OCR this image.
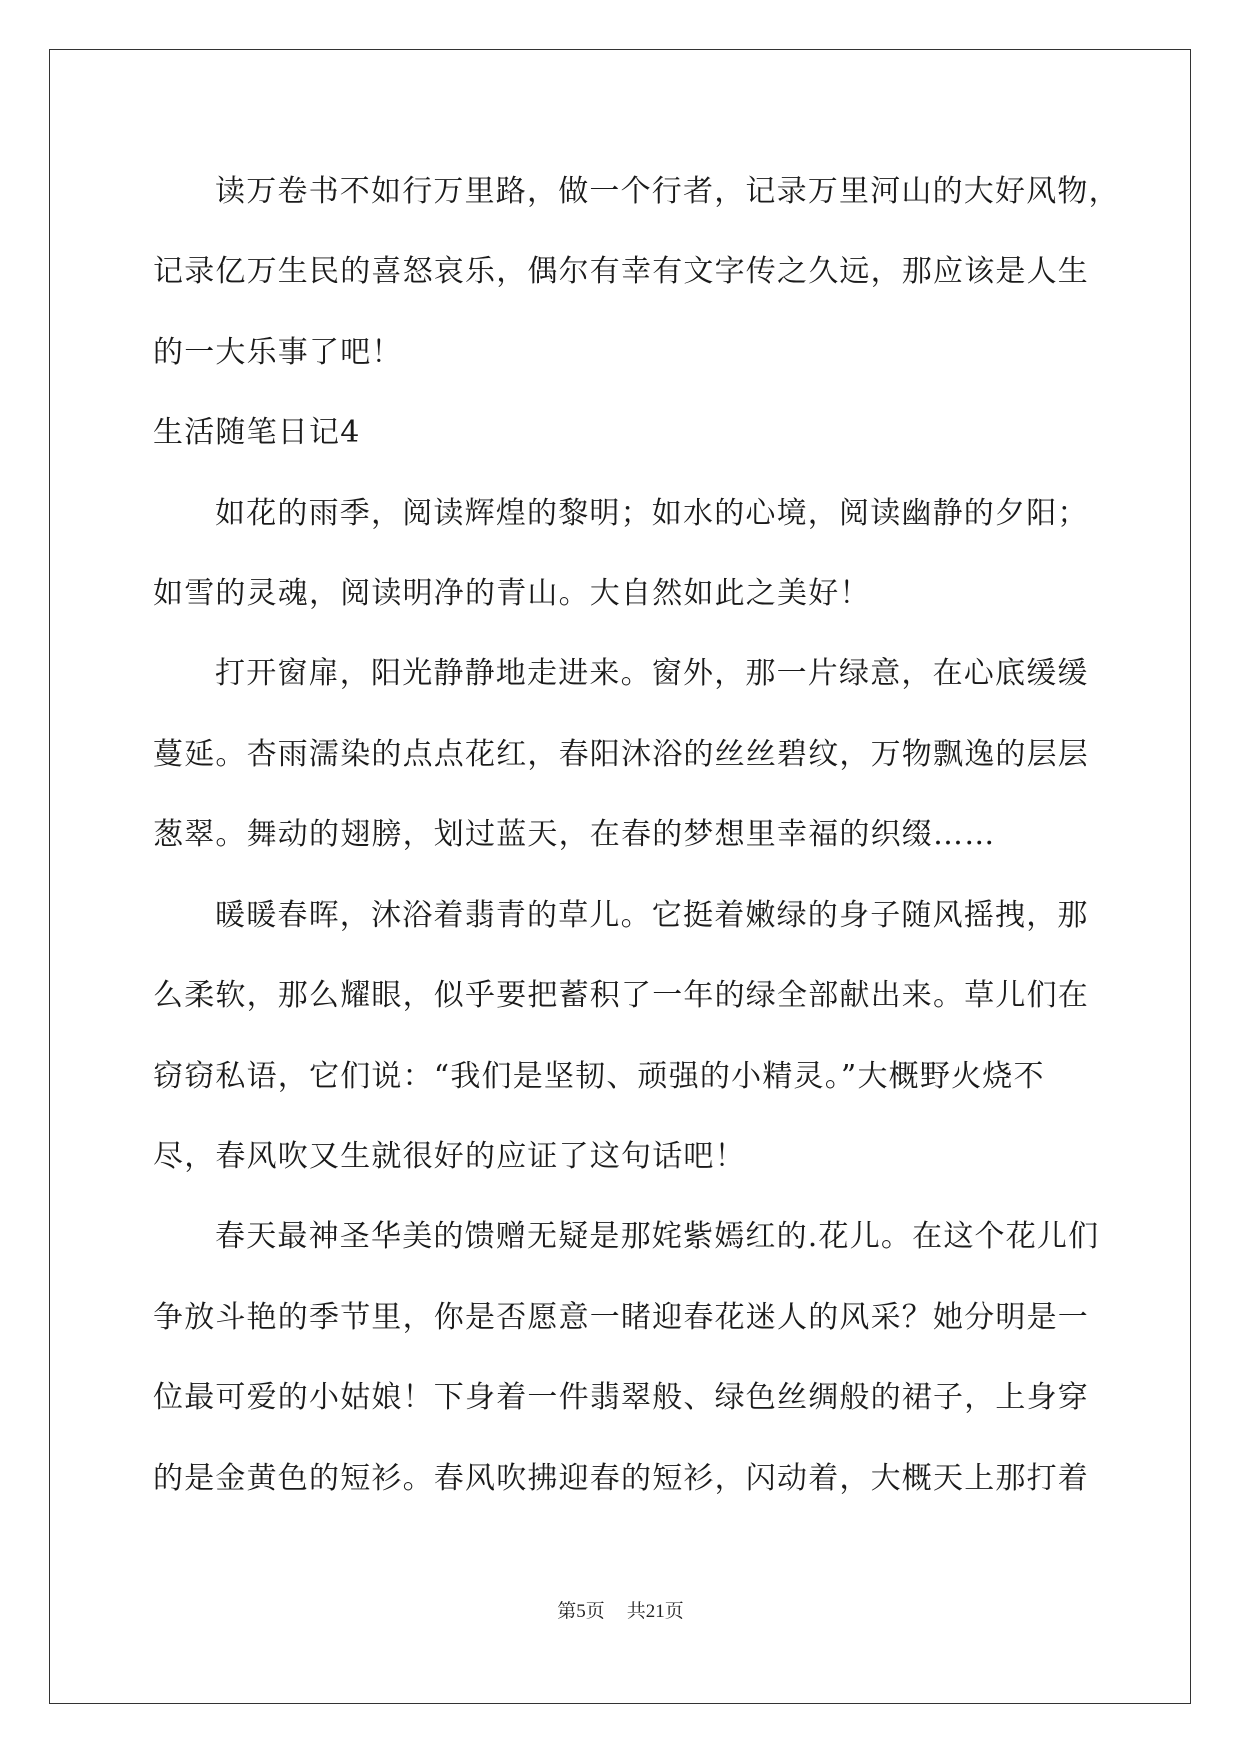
读万卷书不如行万里路，做一个行者，记录万里河山的大好风物，
记录亿万生民的喜怒哀乐，偶尔有幸有文字传之久远，那应该是人生
的一大乐事了吧！
生活随笔日记4
如花的雨季，阅读辉煌的黎明；如水的心境，阅读幽静的夕阳；
如雪的灵魂，阅读明净的青山。大自然如此之美好！
打开窗扉，阳光静静地走进来。窗外，那一片绿意，在心底缓缓
蔓延。杏雨濡染的点点花红，春阳沐浴的丝丝碧纹，万物飘逸的层层
葱翠。舞动的翅膀，划过蓝天，在春的梦想里幸福的织缀……
暖暖春晖，沐浴着翡青的草儿。它挺着嫩绿的身子随风摇拽，那
么柔软，那么耀眼，似乎要把蓄积了一年的绿全部献出来。草儿们在
窃窃私语，它们说：“我们是坚韧、顽强的小精灵。”大概野火烧不
尽，春风吹又生就很好的应证了这句话吧！
春天最神圣华美的馈赠无疑是那姹紫嫣红的.花儿。在这个花儿们
争放斗艳的季节里，你是否愿意一睹迎春花迷人的风采？她分明是一
位最可爱的小姑娘！下身着一件翡翠般、绿色丝绸般的裙子，上身穿
的是金黄色的短衫。春风吹拂迎春的短衫，闪动着，大概天上那打着
第5页 共21页
